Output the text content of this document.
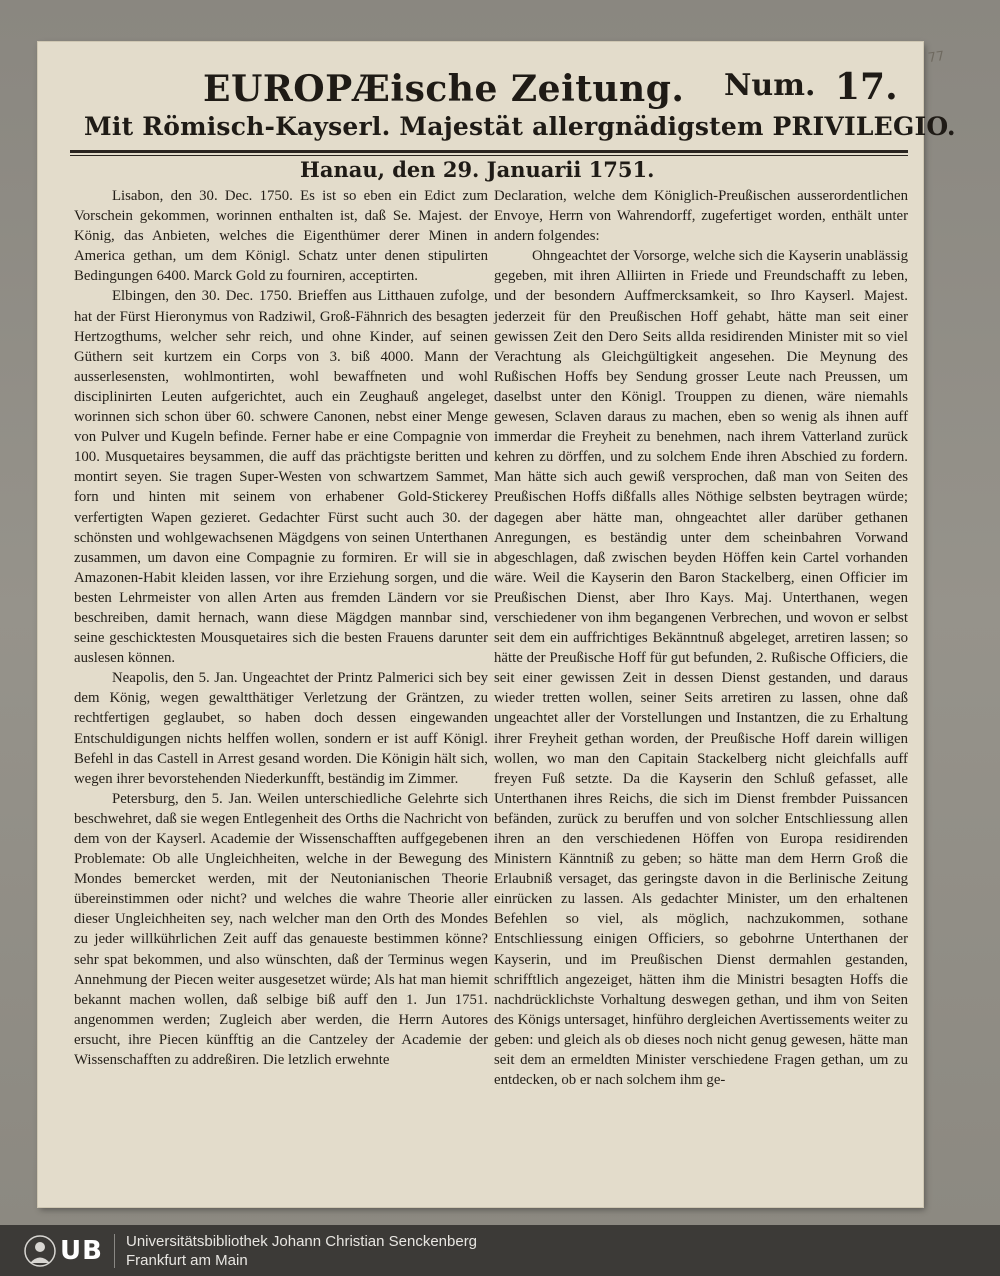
77
EUROPÆische Zeitung. Num. 17.
Mit Römisch-Kayserl. Majestät allergnädigstem PRIVILEGIO.
Hanau, den 29. Januarii 1751.

Lisabon, den 30. Dec. 1750. Es ist so eben ein Edict zum Vorschein gekommen, worinnen enthalten ist, daß Se. Majest. der König, das Anbieten, welches die Eigenthümer derer Minen in America gethan, um dem Königl. Schatz unter denen stipulirten Bedingungen 6400. Marck Gold zu fourniren, acceptirten.

Elbingen, den 30. Dec. 1750. Brieffen aus Litthauen zufolge, hat der Fürst Hieronymus von Radziwil, Groß-Fähnrich des besagten Hertzogthums, welcher sehr reich, und ohne Kinder, auf seinen Güthern seit kurtzem ein Corps von 3. biß 4000. Mann der ausserlesensten, wohlmontirten, wohl bewaffneten und wohl disciplinirten Leuten aufgerichtet, auch ein Zeughauß angeleget, worinnen sich schon über 60. schwere Canonen, nebst einer Menge von Pulver und Kugeln befinde. Ferner habe er eine Compagnie von 100. Musquetaires beysammen, die auff das prächtigste beritten und montirt seyen. Sie tragen Super-Westen von schwartzem Sammet, forn und hinten mit seinem von erhabener Gold-Stickerey verfertigten Wapen gezieret. Gedachter Fürst sucht auch 30. der schönsten und wohlgewachsenen Mägdgens von seinen Unterthanen zusammen, um davon eine Compagnie zu formiren. Er will sie in Amazonen-Habit kleiden lassen, vor ihre Erziehung sorgen, und die besten Lehrmeister von allen Arten aus fremden Ländern vor sie beschreiben, damit hernach, wann diese Mägdgen mannbar sind, seine geschicktesten Mousquetaires sich die besten Frauens darunter auslesen können.

Neapolis, den 5. Jan. Ungeachtet der Printz Palmerici sich bey dem König, wegen gewaltthätiger Verletzung der Gräntzen, zu rechtfertigen geglaubet, so haben doch dessen eingewanden Entschuldigungen nichts helffen wollen, sondern er ist auff Königl. Befehl in das Castell in Arrest gesand worden. Die Königin hält sich, wegen ihrer bevorstehenden Niederkunfft, beständig im Zimmer.

Petersburg, den 5. Jan. Weilen unterschiedliche Gelehrte sich beschwehret, daß sie wegen Entlegenheit des Orths die Nachricht von dem von der Kayserl. Academie der Wissenschafften auffgegebenen Problemate: Ob alle Ungleichheiten, welche in der Bewegung des Mondes bemercket werden, mit der Neutonianischen Theorie übereinstimmen oder nicht? und welches die wahre Theorie aller dieser Ungleichheiten sey, nach welcher man den Orth des Mondes zu jeder willkührlichen Zeit auff das genaueste bestimmen könne? sehr spat bekommen, und also wünschten, daß der Terminus wegen Annehmung der Piecen weiter ausgesetzet würde; Als hat man hiemit bekannt machen wollen, daß selbige biß auff den 1. Jun 1751. angenommen werden; Zugleich aber werden, die Herrn Autores ersucht, ihre Piecen künfftig an die Cantzeley der Academie der Wissenschafften zu addreßiren. Die letzlich erwehnte

Declaration, welche dem Königlich-Preußischen ausserordentlichen Envoye, Herrn von Wahrendorff, zugefertiget worden, enthält unter andern folgendes:

Ohngeachtet der Vorsorge, welche sich die Kayserin unablässig gegeben, mit ihren Alliirten in Friede und Freundschafft zu leben, und der besondern Auffmercksamkeit, so Ihro Kayserl. Majest. jederzeit für den Preußischen Hoff gehabt, hätte man seit einer gewissen Zeit den Dero Seits allda residirenden Minister mit so viel Verachtung als Gleichgültigkeit angesehen. Die Meynung des Rußischen Hoffs bey Sendung grosser Leute nach Preussen, um daselbst unter den Königl. Trouppen zu dienen, wäre niemahls gewesen, Sclaven daraus zu machen, eben so wenig als ihnen auff immerdar die Freyheit zu benehmen, nach ihrem Vatterland zurück kehren zu dörffen, und zu solchem Ende ihren Abschied zu fordern. Man hätte sich auch gewiß versprochen, daß man von Seiten des Preußischen Hoffs dißfalls alles Nöthige selbsten beytragen würde; dagegen aber hätte man, ohngeachtet aller darüber gethanen Anregungen, es beständig unter dem scheinbahren Vorwand abgeschlagen, daß zwischen beyden Höffen kein Cartel vorhanden wäre. Weil die Kayserin den Baron Stackelberg, einen Officier im Preußischen Dienst, aber Ihro Kays. Maj. Unterthanen, wegen verschiedener von ihm begangenen Verbrechen, und wovon er selbst seit dem ein auffrichtiges Bekänntnuß abgeleget, arretiren lassen; so hätte der Preußische Hoff für gut befunden, 2. Rußische Officiers, die seit einer gewissen Zeit in dessen Dienst gestanden, und daraus wieder tretten wollen, seiner Seits arretiren zu lassen, ohne daß ungeachtet aller der Vorstellungen und Instantzen, die zu Erhaltung ihrer Freyheit gethan worden, der Preußische Hoff darein willigen wollen, wo man den Capitain Stackelberg nicht gleichfalls auff freyen Fuß setzte. Da die Kayserin den Schluß gefasset, alle Unterthanen ihres Reichs, die sich im Dienst frembder Puissancen befänden, zurück zu beruffen und von solcher Entschliessung allen ihren an den verschiedenen Höffen von Europa residirenden Ministern Känntniß zu geben; so hätte man dem Herrn Groß die Erlaubniß versaget, das geringste davon in die Berlinische Zeitung einrücken zu lassen. Als gedachter Minister, um den erhaltenen Befehlen so viel, als möglich, nachzukommen, sothane Entschliessung einigen Officiers, so gebohrne Unterthanen der Kayserin, und im Preußischen Dienst dermahlen gestanden, schrifftlich angezeiget, hätten ihm die Ministri besagten Hoffs die nachdrücklichste Vorhaltung deswegen gethan, und ihm von Seiten des Königs untersaget, hinführo dergleichen Avertissements weiter zu geben: und gleich als ob dieses noch nicht genug gewesen, hätte man seit dem an ermeldten Minister verschiedene Fragen gethan, um zu entdecken, ob er nach solchem ihm ge-

UB Universitätsbibliothek Johann Christian Senckenberg
Frankfurt am Main
